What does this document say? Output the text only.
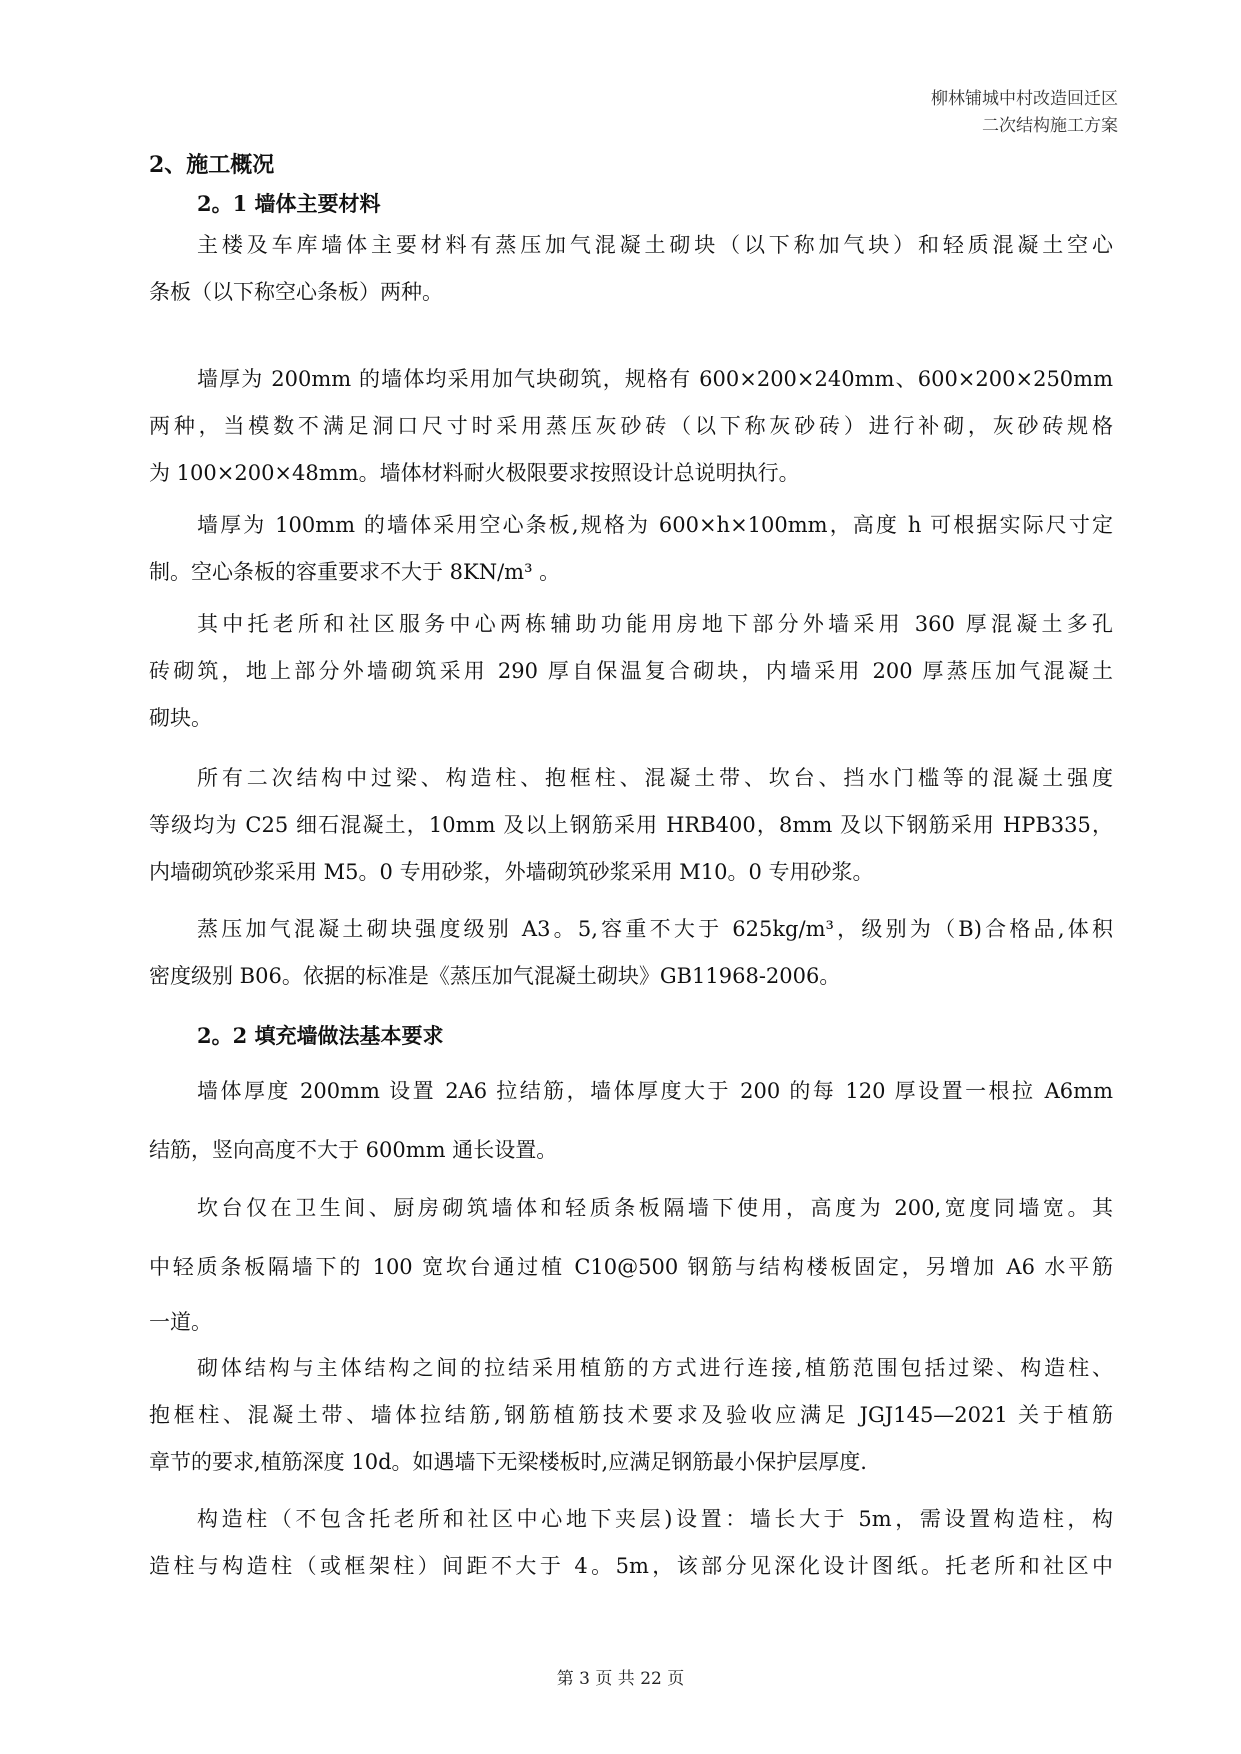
柳林铺城中村改造回迁区
二次结构施工方案
2、施工概况
2。1 墙体主要材料
主楼及车库墙体主要材料有蒸压加气混凝土砌块（以下称加气块）和轻质混凝土空心
条板（以下称空心条板）两种。
墙厚为 200mm 的墙体均采用加气块砌筑，规格有 600×200×240mm、600×200×250mm
两种，当模数不满足洞口尺寸时采用蒸压灰砂砖（以下称灰砂砖）进行补砌，灰砂砖规格
为 100×200×48mm。墙体材料耐火极限要求按照设计总说明执行。
墙厚为 100mm 的墙体采用空心条板,规格为 600×h×100mm，高度 h 可根据实际尺寸定
制。空心条板的容重要求不大于 8KN/m³ 。
其中托老所和社区服务中心两栋辅助功能用房地下部分外墙采用 360 厚混凝土多孔
砖砌筑，地上部分外墙砌筑采用 290 厚自保温复合砌块，内墙采用 200 厚蒸压加气混凝土
砌块。
所有二次结构中过梁、构造柱、抱框柱、混凝土带、坎台、挡水门槛等的混凝土强度
等级均为 C25 细石混凝土，10mm 及以上钢筋采用 HRB400，8mm 及以下钢筋采用 HPB335，
内墙砌筑砂浆采用 M5。0 专用砂浆，外墙砌筑砂浆采用 M10。0 专用砂浆。
蒸压加气混凝土砌块强度级别 A3。5,容重不大于 625kg/m³，级别为（B)合格品,体积
密度级别 B06。依据的标准是《蒸压加气混凝土砌块》GB11968-2006。
2。2 填充墙做法基本要求
墙体厚度 200mm 设置 2A6 拉结筋，墙体厚度大于 200 的每 120 厚设置一根拉 A6mm
结筋，竖向高度不大于 600mm 通长设置。
坎台仅在卫生间、厨房砌筑墙体和轻质条板隔墙下使用，高度为 200,宽度同墙宽。其
中轻质条板隔墙下的 100 宽坎台通过植 C10@500 钢筋与结构楼板固定，另增加 A6 水平筋
一道。
砌体结构与主体结构之间的拉结采用植筋的方式进行连接,植筋范围包括过梁、构造柱、
抱框柱、混凝土带、墙体拉结筋,钢筋植筋技术要求及验收应满足 JGJ145—2021 关于植筋
章节的要求,植筋深度 10d。如遇墙下无梁楼板时,应满足钢筋最小保护层厚度.
构造柱（不包含托老所和社区中心地下夹层)设置：墙长大于 5m，需设置构造柱，构
造柱与构造柱（或框架柱）间距不大于 4。5m，该部分见深化设计图纸。托老所和社区中
第 3 页 共 22 页
